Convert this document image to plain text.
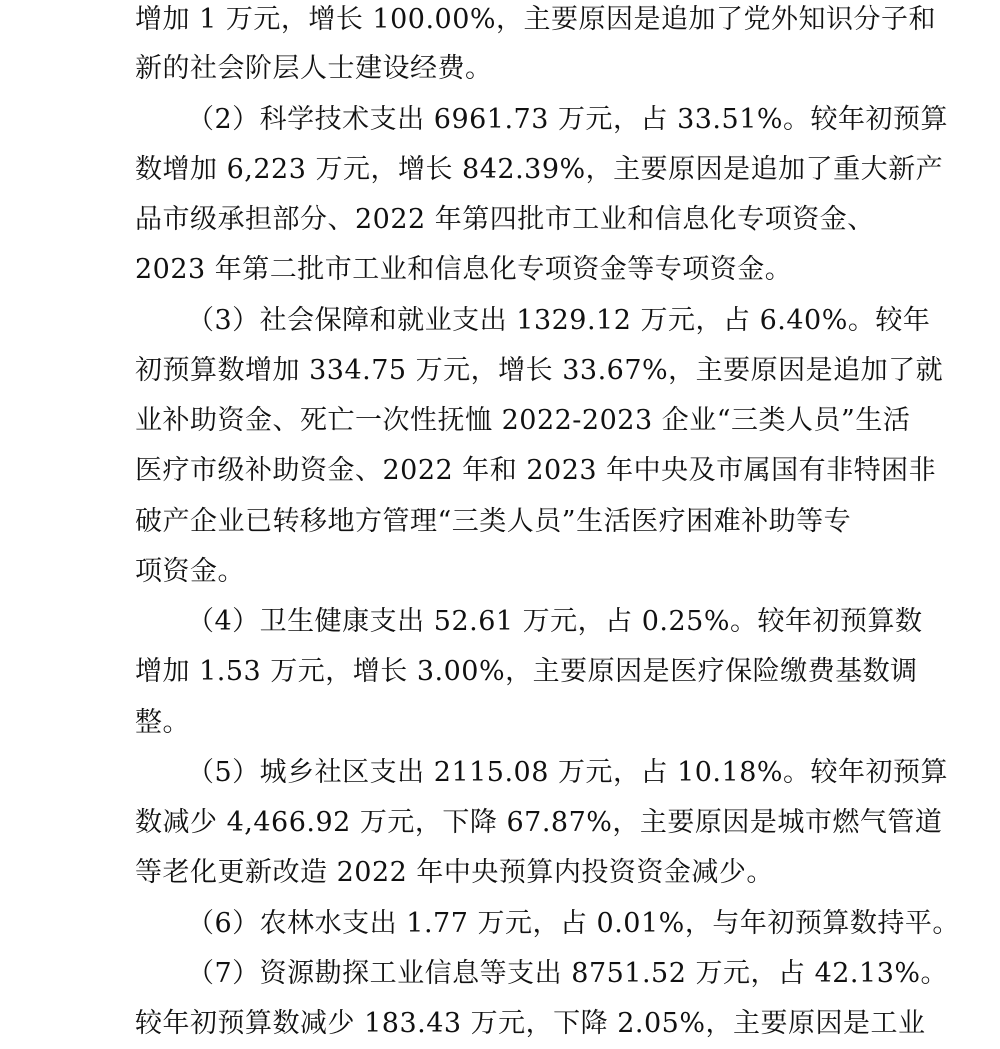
增加 1 万元，增长 100.00%，主要原因是追加了党外知识分子和
新的社会阶层人士建设经费。
（2）科学技术支出 6961.73 万元，占 33.51%。较年初预算
数增加 6,223 万元，增长 842.39%，主要原因是追加了重大新产
品市级承担部分、2022 年第四批市工业和信息化专项资金、
2023 年第二批市工业和信息化专项资金等专项资金。
（3）社会保障和就业支出 1329.12 万元，占 6.40%。较年
初预算数增加 334.75 万元，增长 33.67%，主要原因是追加了就
业补助资金、死亡一次性抚恤 2022-2023 企业“三类人员”生活
医疗市级补助资金、2022 年和 2023 年中央及市属国有非特困非
破产企业已转移地方管理“三类人员”生活医疗困难补助等专
项资金。
（4）卫生健康支出 52.61 万元，占 0.25%。较年初预算数
增加 1.53 万元，增长 3.00%，主要原因是医疗保险缴费基数调
整。
（5）城乡社区支出 2115.08 万元，占 10.18%。较年初预算
数减少 4,466.92 万元，下降 67.87%，主要原因是城市燃气管道
等老化更新改造 2022 年中央预算内投资资金减少。
（6）农林水支出 1.77 万元，占 0.01%，与年初预算数持平。
（7）资源勘探工业信息等支出 8751.52 万元，占 42.13%。
较年初预算数减少 183.43 万元，下降 2.05%，主要原因是工业
